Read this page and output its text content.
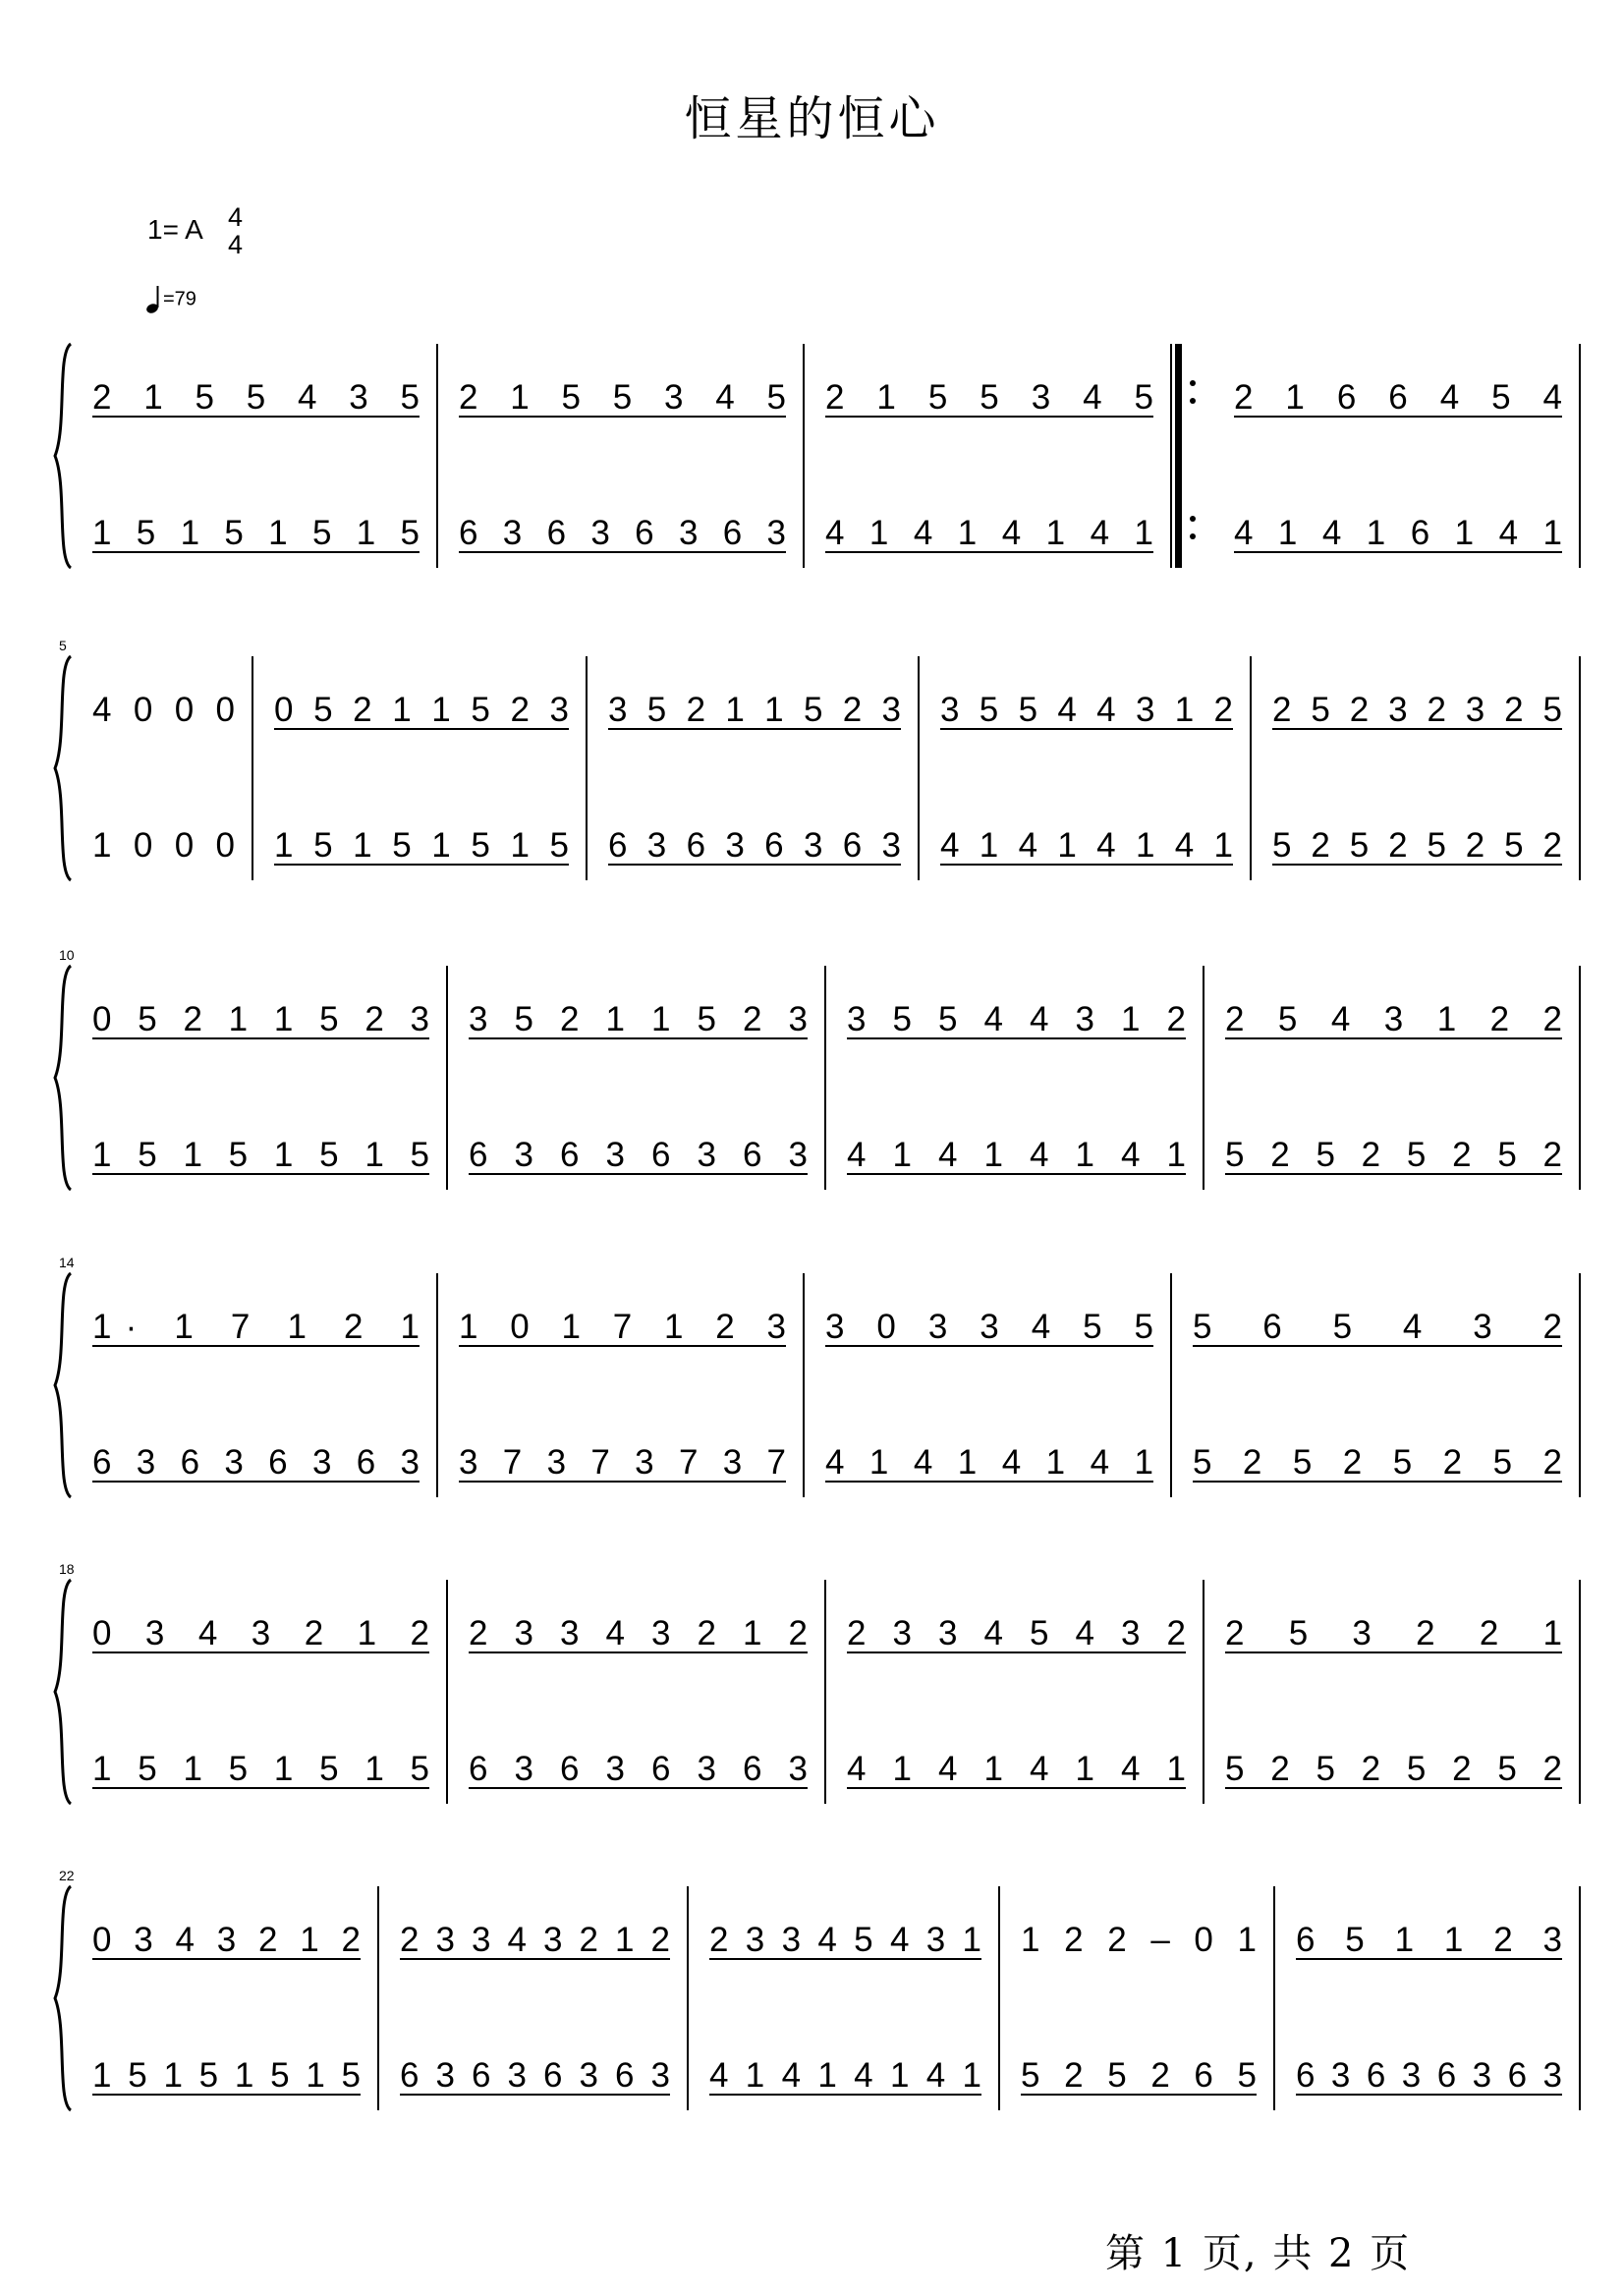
恒星的恒心
1= A 4
4
=79
2 1 5 5 4 3 5
1 5 1 5 1 5 1 5
2 1 5 5 3 4 5
6 3 6 3 6 3 6 3
2 1 5 5 3 4 5
4 1 4 1 4 1 4 1
2 1 6 6 4 5 4
4 1 4 1 6 1 4 1
5
4 0 0 0
1 0 0 0
0 5 2 1 1 5 2 3
1 5 1 5 1 5 1 5
3 5 2 1 1 5 2 3
6 3 6 3 6 3 6 3
3 5 5 4 4 3 1 2
4 1 4 1 4 1 4 1
2 5 2 3 2 3 2 5
5 2 5 2 5 2 5 2
10
0 5 2 1 1 5 2 3
1 5 1 5 1 5 1 5
3 5 2 1 1 5 2 3
6 3 6 3 6 3 6 3
3 5 5 4 4 3 1 2
4 1 4 1 4 1 4 1
2 5 4 3 1 2 2
5 2 5 2 5 2 5 2
14
1· 1 7 1 2 1
6 3 6 3 6 3 6 3
1 0 1 7 1 2 3
3 7 3 7 3 7 3 7
3 0 3 3 4 5 5
4 1 4 1 4 1 4 1
5 6 5 4 3 2
5 2 5 2 5 2 5 2
18
0 3 4 3 2 1 2
1 5 1 5 1 5 1 5
2 3 3 4 3 2 1 2
6 3 6 3 6 3 6 3
2 3 3 4 5 4 3 2
4 1 4 1 4 1 4 1
2 5 3 2 2 1
5 2 5 2 5 2 5 2
22
0 3 4 3 2 1 2
1 5 1 5 1 5 1 5
2 3 3 4 3 2 1 2
6 3 6 3 6 3 6 3
2 3 3 4 5 4 3 1
4 1 4 1 4 1 4 1
1 2 2 – 0 1
5 2 5 2 6 5
6 5 1 1 2 3
6 3 6 3 6 3 6 3
第 1 页, 共 2 页
